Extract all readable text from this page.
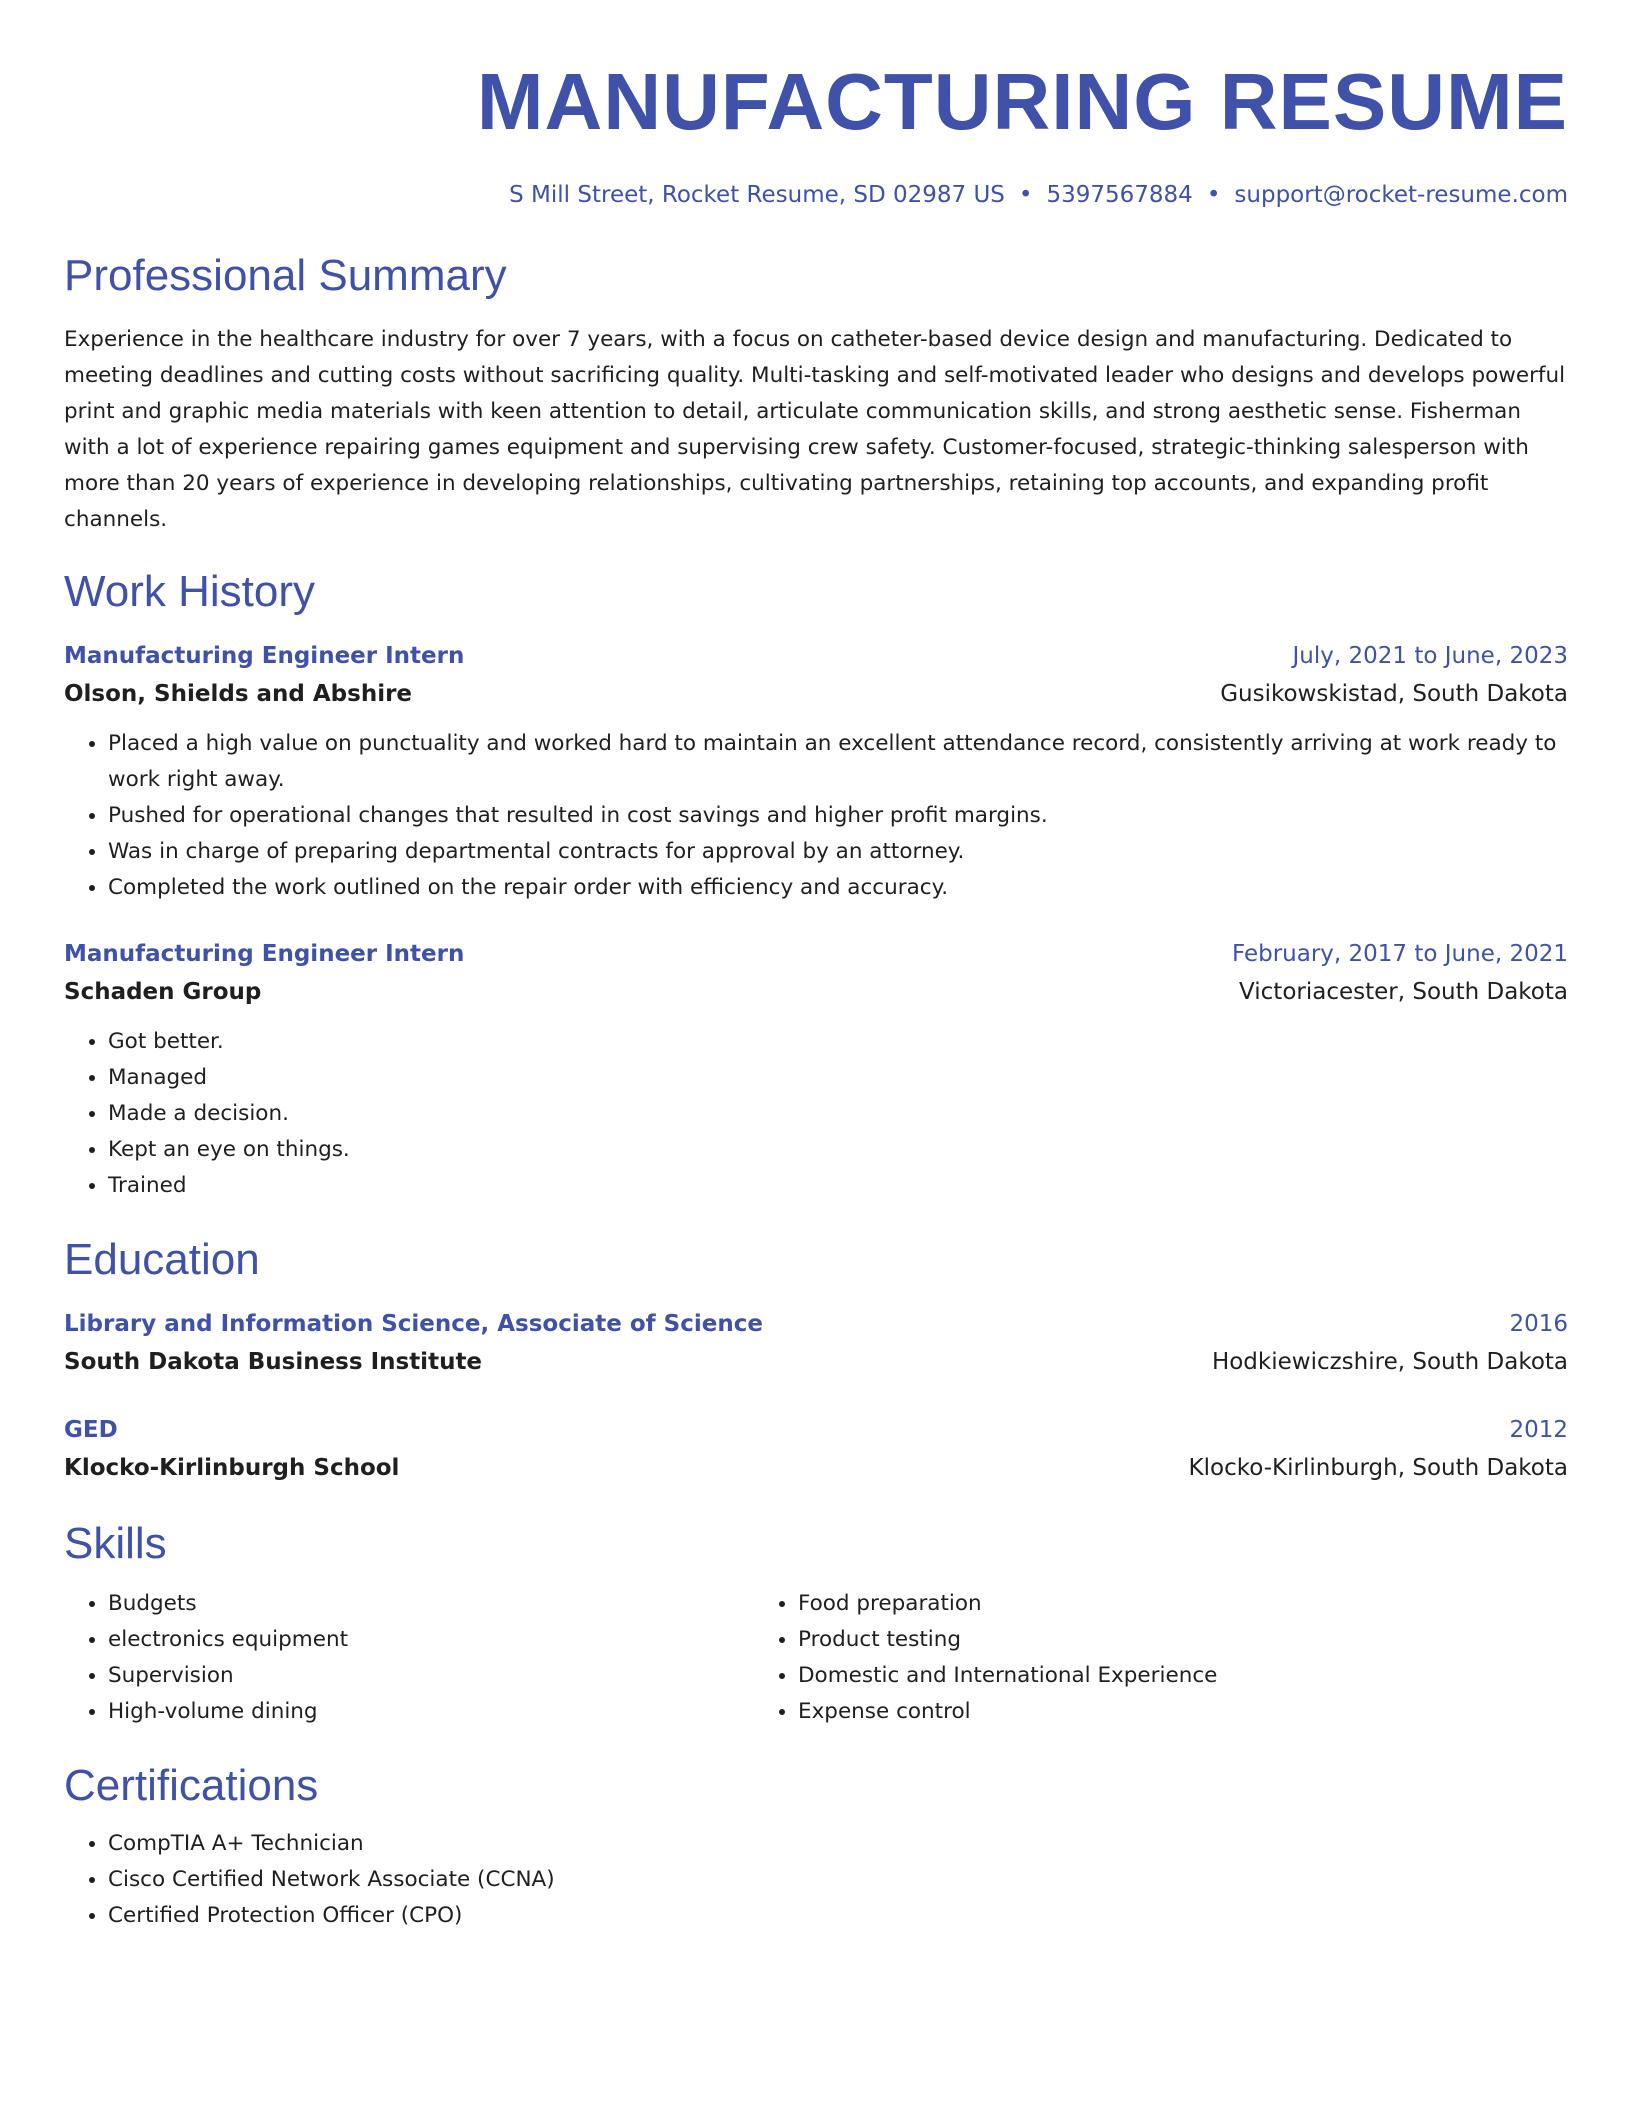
MANUFACTURING RESUME
S Mill Street, Rocket Resume, SD 02987 US • 5397567884 • support@rocket-resume.com
Professional Summary
Experience in the healthcare industry for over 7 years, with a focus on catheter-based device design and manufacturing. Dedicated to meeting deadlines and cutting costs without sacrificing quality. Multi-tasking and self-motivated leader who designs and develops powerful print and graphic media materials with keen attention to detail, articulate communication skills, and strong aesthetic sense. Fisherman with a lot of experience repairing games equipment and supervising crew safety. Customer-focused, strategic-thinking salesperson with more than 20 years of experience in developing relationships, cultivating partnerships, retaining top accounts, and expanding profit channels.
Work History
Manufacturing Engineer Intern	July, 2021 to June, 2023
Olson, Shields and Abshire	Gusikowskistad, South Dakota
• Placed a high value on punctuality and worked hard to maintain an excellent attendance record, consistently arriving at work ready to work right away.
• Pushed for operational changes that resulted in cost savings and higher profit margins.
• Was in charge of preparing departmental contracts for approval by an attorney.
• Completed the work outlined on the repair order with efficiency and accuracy.
Manufacturing Engineer Intern	February, 2017 to June, 2021
Schaden Group	Victoriacester, South Dakota
• Got better.
• Managed
• Made a decision.
• Kept an eye on things.
• Trained
Education
Library and Information Science, Associate of Science	2016
South Dakota Business Institute	Hodkiewiczshire, South Dakota
GED	2012
Klocko-Kirlinburgh School	Klocko-Kirlinburgh, South Dakota
Skills
• Budgets
• electronics equipment
• Supervision
• High-volume dining
• Food preparation
• Product testing
• Domestic and International Experience
• Expense control
Certifications
• CompTIA A+ Technician
• Cisco Certified Network Associate (CCNA)
• Certified Protection Officer (CPO)
